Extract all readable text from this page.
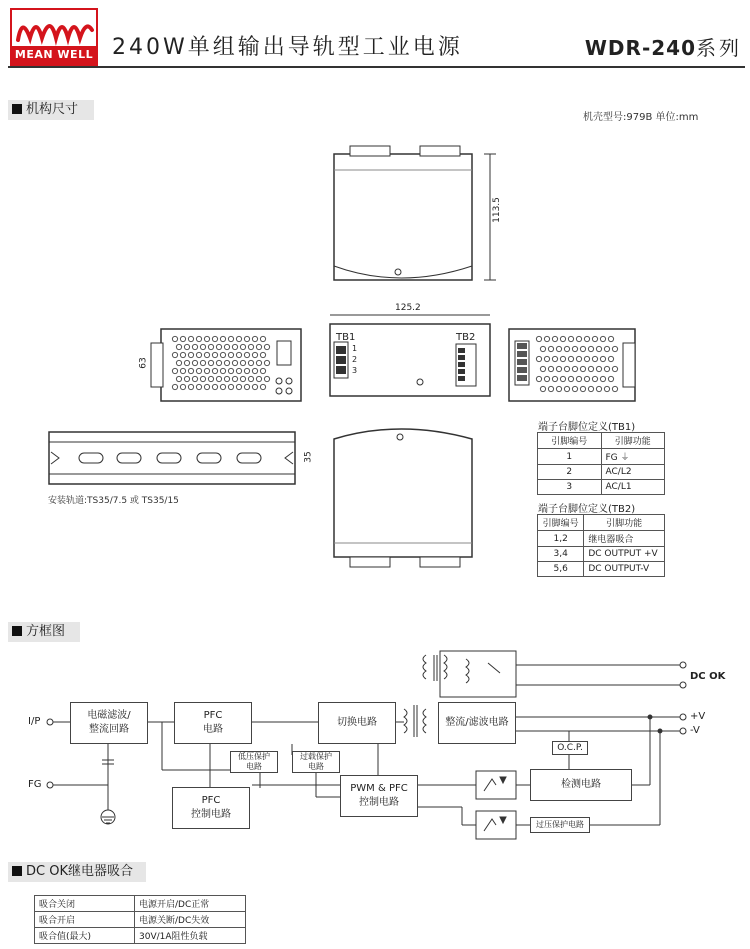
MEAN WELL 240W单组输出导轨型工业电源	WDR-240系列
机构尺寸
机壳型号:979B 单位:mm
113.5
125.2
63
TB1	TB2
1
2
3
35
安装轨道:TS35/7.5 或 TS35/15
端子台脚位定义(TB1)
引脚编号	引脚功能
1	FG ⏚
2	AC/L2
3	AC/L1
端子台脚位定义(TB2)
引脚编号	引脚功能
1,2	继电器吸合
3,4	DC OUTPUT +V
5,6	DC OUTPUT-V
方框图
I/P
FG
DC OK
+V
-V
电磁滤波/
整流回路
PFC
电路
切换电路	整流/滤波电路
O.C.P.
检测电路
过压保护电路
PFC
控制电路
PWM & PFC
控制电路
低压保护
电路
过载保护
电路
DC OK继电器吸合
吸合关闭	电源开启/DC正常
吸合开启	电源关断/DC失效
吸合值(最大)	30V/1A阻性负载
